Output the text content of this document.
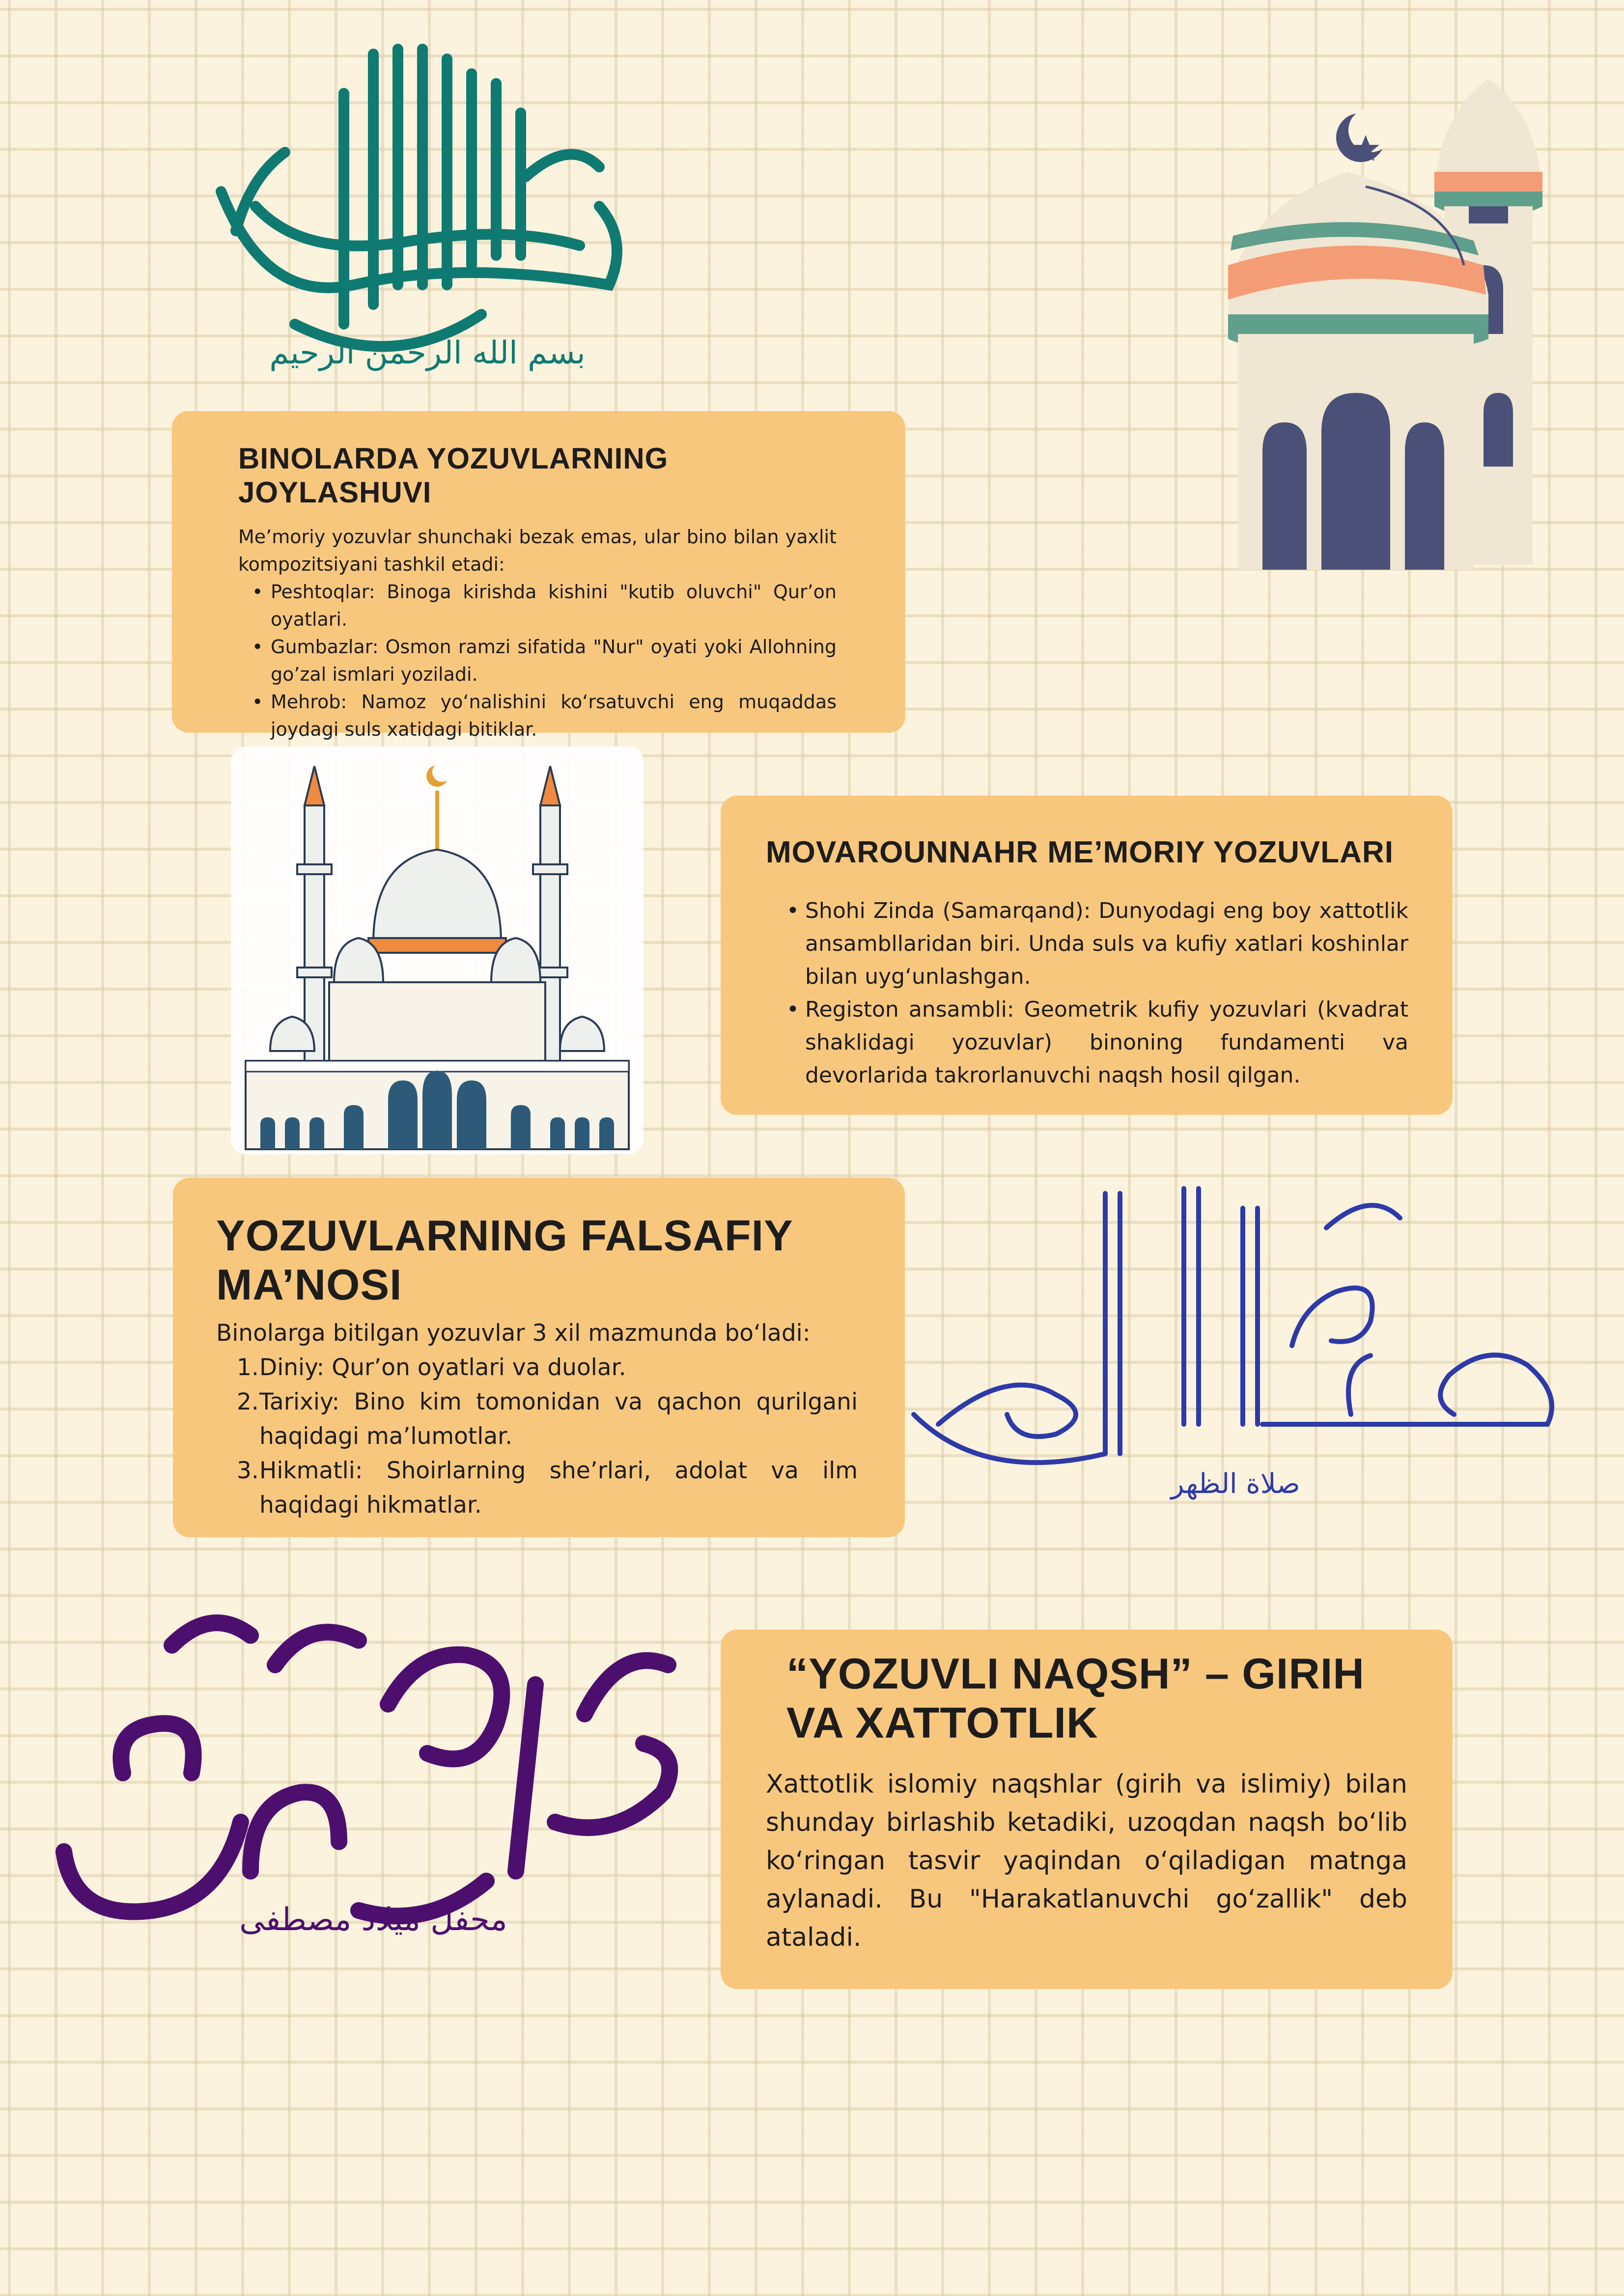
بسم الله الرحمن الرحيم
صلاة الظهر
محفل ميلاد مصطفى
BINOLARDA YOZUVLARNING JOYLASHUVI

Me’moriy yozuvlar shunchaki bezak emas, ular bino bilan yaxlit kompozitsiyani tashkil etadi:

• Peshtoqlar: Binoga kirishda kishini "kutib oluvchi" Qur’on oyatlari.
• Gumbazlar: Osmon ramzi sifatida "Nur" oyati yoki Allohning go’zal ismlari yoziladi.
• Mehrob: Namoz yo‘nalishini ko‘rsatuvchi eng muqaddas joydagi suls xatidagi bitiklar.
MOVAROUNNAHR ME’MORIY YOZUVLARI
• Shohi Zinda (Samarqand): Dunyodagi eng boy xattotlik ansambllaridan biri. Unda suls va kufiy xatlari koshinlar bilan uyg‘unlashgan.
• Registon ansambli: Geometrik kufiy yozuvlari (kvadrat shaklidagi yozuvlar) binoning fundamenti va devorlarida takrorlanuvchi naqsh hosil qilgan.
YOZUVLARNING FALSAFIY MA’NOSI

Binolarga bitilgan yozuvlar 3 xil mazmunda bo‘ladi:

1. Diniy: Qur’on oyatlari va duolar.
2. Tarixiy: Bino kim tomonidan va qachon qurilgani haqidagi ma’lumotlar.
3. Hikmatli: Shoirlarning she’rlari, adolat va ilm haqidagi hikmatlar.
“YOZUVLI NAQSH” – GIRIH VA XATTOTLIK

Xattotlik islomiy naqshlar (girih va islimiy) bilan shunday birlashib ketadiki, uzoqdan naqsh bo‘lib ko‘ringan tasvir yaqindan o‘qiladigan matnga aylanadi. Bu "Harakatlanuvchi go‘zallik" deb ataladi.
